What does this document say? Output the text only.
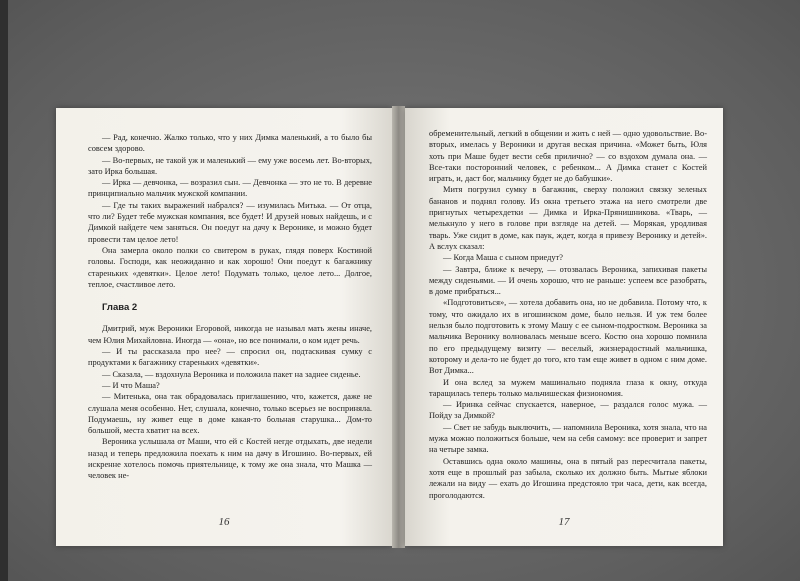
— Рад, конечно. Жалко только, что у них Димка маленький, а то было бы совсем здорово.

— Во-первых, не такой уж и маленький — ему уже восемь лет. Во-вторых, зато Ирка большая.

— Ирка — девчонка, — возразил сын. — Девчонка — это не то. В деревне принципиально мальчик мужской компании.

— Где ты таких выражений набрался? — изумилась Митька. — От отца, что ли? Будет тебе мужская компания, все будет! И друзей новых найдешь, и с Димкой найдете чем заняться. Он поедут на дачу к Веронике, и можно будет провести там целое лето!

Она замерла около полки со свитером в руках, глядя поверх Костиной головы. Господи, как неожиданно и как хорошо! Они поедут к багажнику стареньких «девятки». Целое лето! Подумать только, целое лето... Долгое, теплое, счастливое лето.

Глава 2

Дмитрий, муж Вероники Егоровой, никогда не называл мать жены иначе, чем Юлия Михайловна. Иногда — «она», но все понимали, о ком идет речь.

— И ты рассказала про нее? — спросил он, подтаскивая сумку с продуктами к багажнику стареньких «девятки».

— Сказала, — вздохнула Вероника и положила пакет на заднее сиденье.

— И что Маша?

— Митенька, она так обрадовалась приглашению, что, кажется, даже не слушала меня особенно. Нет, слушала, конечно, только всерьез не восприняла. Подумаешь, ну живет еще в доме какая-то больная старушка... Дом-то большой, места хватит на всех.

Вероника услышала от Маши, что ей с Костей негде отдыхать, две недели назад и теперь предложила поехать к ним на дачу в Игошино. Во-первых, ей искренне хотелось помочь приятельнице, к тому же она знала, что Машка — человек не-

16

обременительный, легкий в общении и жить с ней — одно удовольствие. Во-вторых, имелась у Вероники и другая веская причина. «Может быть, Юля хоть при Маше будет вести себя прилично? — со вздохом думала она. — Все-таки посторонний человек, с ребенком... А Димка станет с Костей играть, и, даст бог, мальчику будет не до бабушки».

Митя погрузил сумку в багажник, сверху положил связку зеленых бананов и поднял голову. Из окна третьего этажа на него смотрели две пригнутых четырехдетки — Димка и Ирка-Прянишникова. «Тварь, — мелькнуло у него в голове при взгляде на детей. — Морякая, уродливая тварь. Уже сидит в доме, как паук, ждет, когда я привезу Веронику и детей». А вслух сказал:

— Когда Маша с сыном приедут?

— Завтра, ближе к вечеру, — отозвалась Вероника, запихивая пакеты между сиденьями. — И очень хорошо, что не раньше: успеем все разобрать, в доме прибраться...

«Подготовиться», — хотела добавить она, но не добавила. Потому что, к тому, что ожидало их в игошинском доме, было нельзя. И уж тем более нельзя было подготовить к этому Машу с ее сыном-подростком. Вероника за мальчика Веронику волновалась меньше всего. Костю она хорошо помнила по его предыдущему визиту — веселый, жизнерадостный мальчишка, которому и дела-то не будет до того, кто там еще живет в одном с ним доме. Вот Димка...

И она вслед за мужем машинально подняла глаза к окну, откуда таращилась теперь только мальчишеская физиономия.

— Иринка сейчас спускается, наверное, — раздался голос мужа. — Пойду за Димкой?

— Свет не забудь выключить, — напомнила Вероника, хотя знала, что на мужа можно положиться больше, чем на себя самому: все проверит и запрет на четыре замка.

Оставшись одна около машины, она в пятый раз пересчитала пакеты, хотя еще в прошлый раз забыла, сколько их должно быть. Мытые яблоки лежали на виду — ехать до Игошина предстояло три часа, дети, как всегда, проголодаются.

17
